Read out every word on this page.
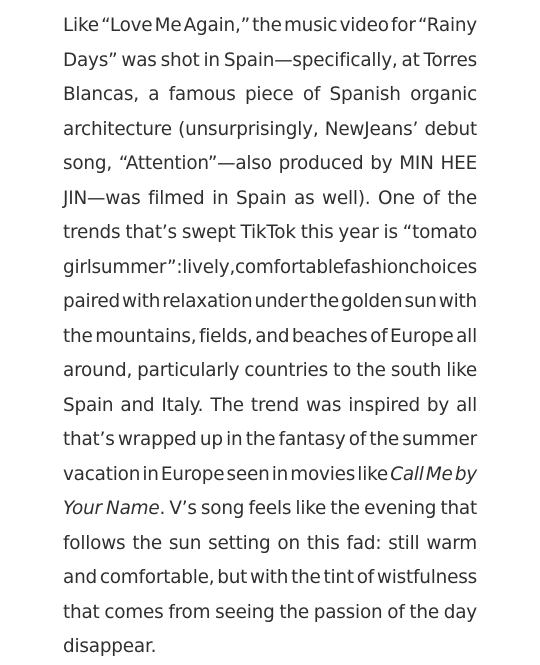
Like “Love Me Again,” the music video for “Rainy
Days” was shot in Spain—specifically, at Torres
Blancas, a famous piece of Spanish organic
architecture (unsurprisingly, NewJeans’ debut
song, “Attention”—also produced by MIN HEE
JIN—was filmed in Spain as well). One of the
trends that’s swept TikTok this year is “tomato
girl summer”: lively, comfortable fashion choices
paired with relaxation under the golden sun with
the mountains, fields, and beaches of Europe all
around, particularly countries to the south like
Spain and Italy. The trend was inspired by all
that’s wrapped up in the fantasy of the summer
vacation in Europe seen in movies like Call Me by
Your Name. V’s song feels like the evening that
follows the sun setting on this fad: still warm
and comfortable, but with the tint of wistfulness
that comes from seeing the passion of the day
disappear.
